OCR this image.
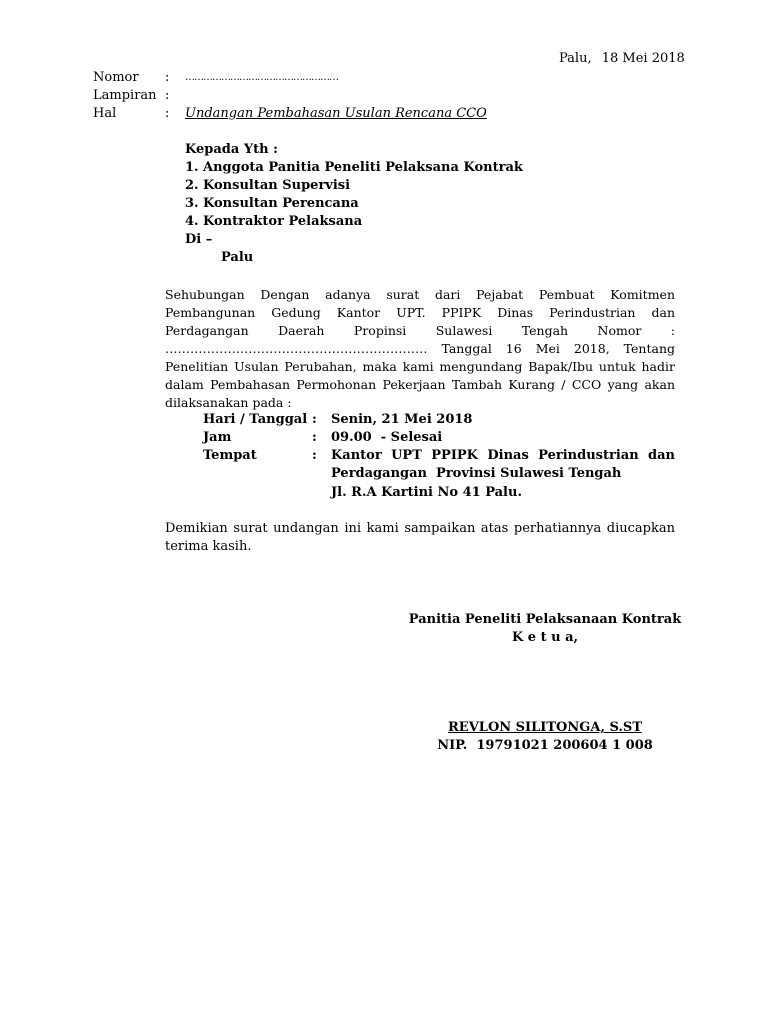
Palu, 18 Mei 2018
Nomor : ……………………………………………
Lampiran :
Hal	: Undangan Pembahasan Usulan Rencana CCO
Kepada Yth :
1. Anggota Panitia Peneliti Pelaksana Kontrak
2. Konsultan Supervisi
3. Konsultan Perencana
4. Kontraktor Pelaksana
Di –
Palu
Sehubungan Dengan adanya surat dari Pejabat Pembuat Komitmen Pembangunan Gedung Kantor UPT. PPIPK Dinas Perindustrian dan Perdagangan Daerah Propinsi Sulawesi Tengah Nomor : ……………………………………………………… Tanggal 16 Mei 2018, Tentang Penelitian Usulan Perubahan, maka kami mengundang Bapak/Ibu untuk hadir dalam Pembahasan Permohonan Pekerjaan Tambah Kurang / CCO yang akan dilaksanakan pada :
Hari / Tanggal : Senin, 21 Mei 2018
Jam	: 09.00  - Selesai
Tempat	: Kantor UPT PPIPK Dinas Perindustrian dan
Perdagangan  Provinsi Sulawesi Tengah
Jl. R.A Kartini No 41 Palu.
Demikian surat undangan ini kami sampaikan atas perhatiannya diucapkan terima kasih.
Panitia Peneliti Pelaksanaan Kontrak
K e t u a,
REVLON SILITONGA, S.ST
NIP.  19791021 200604 1 008
